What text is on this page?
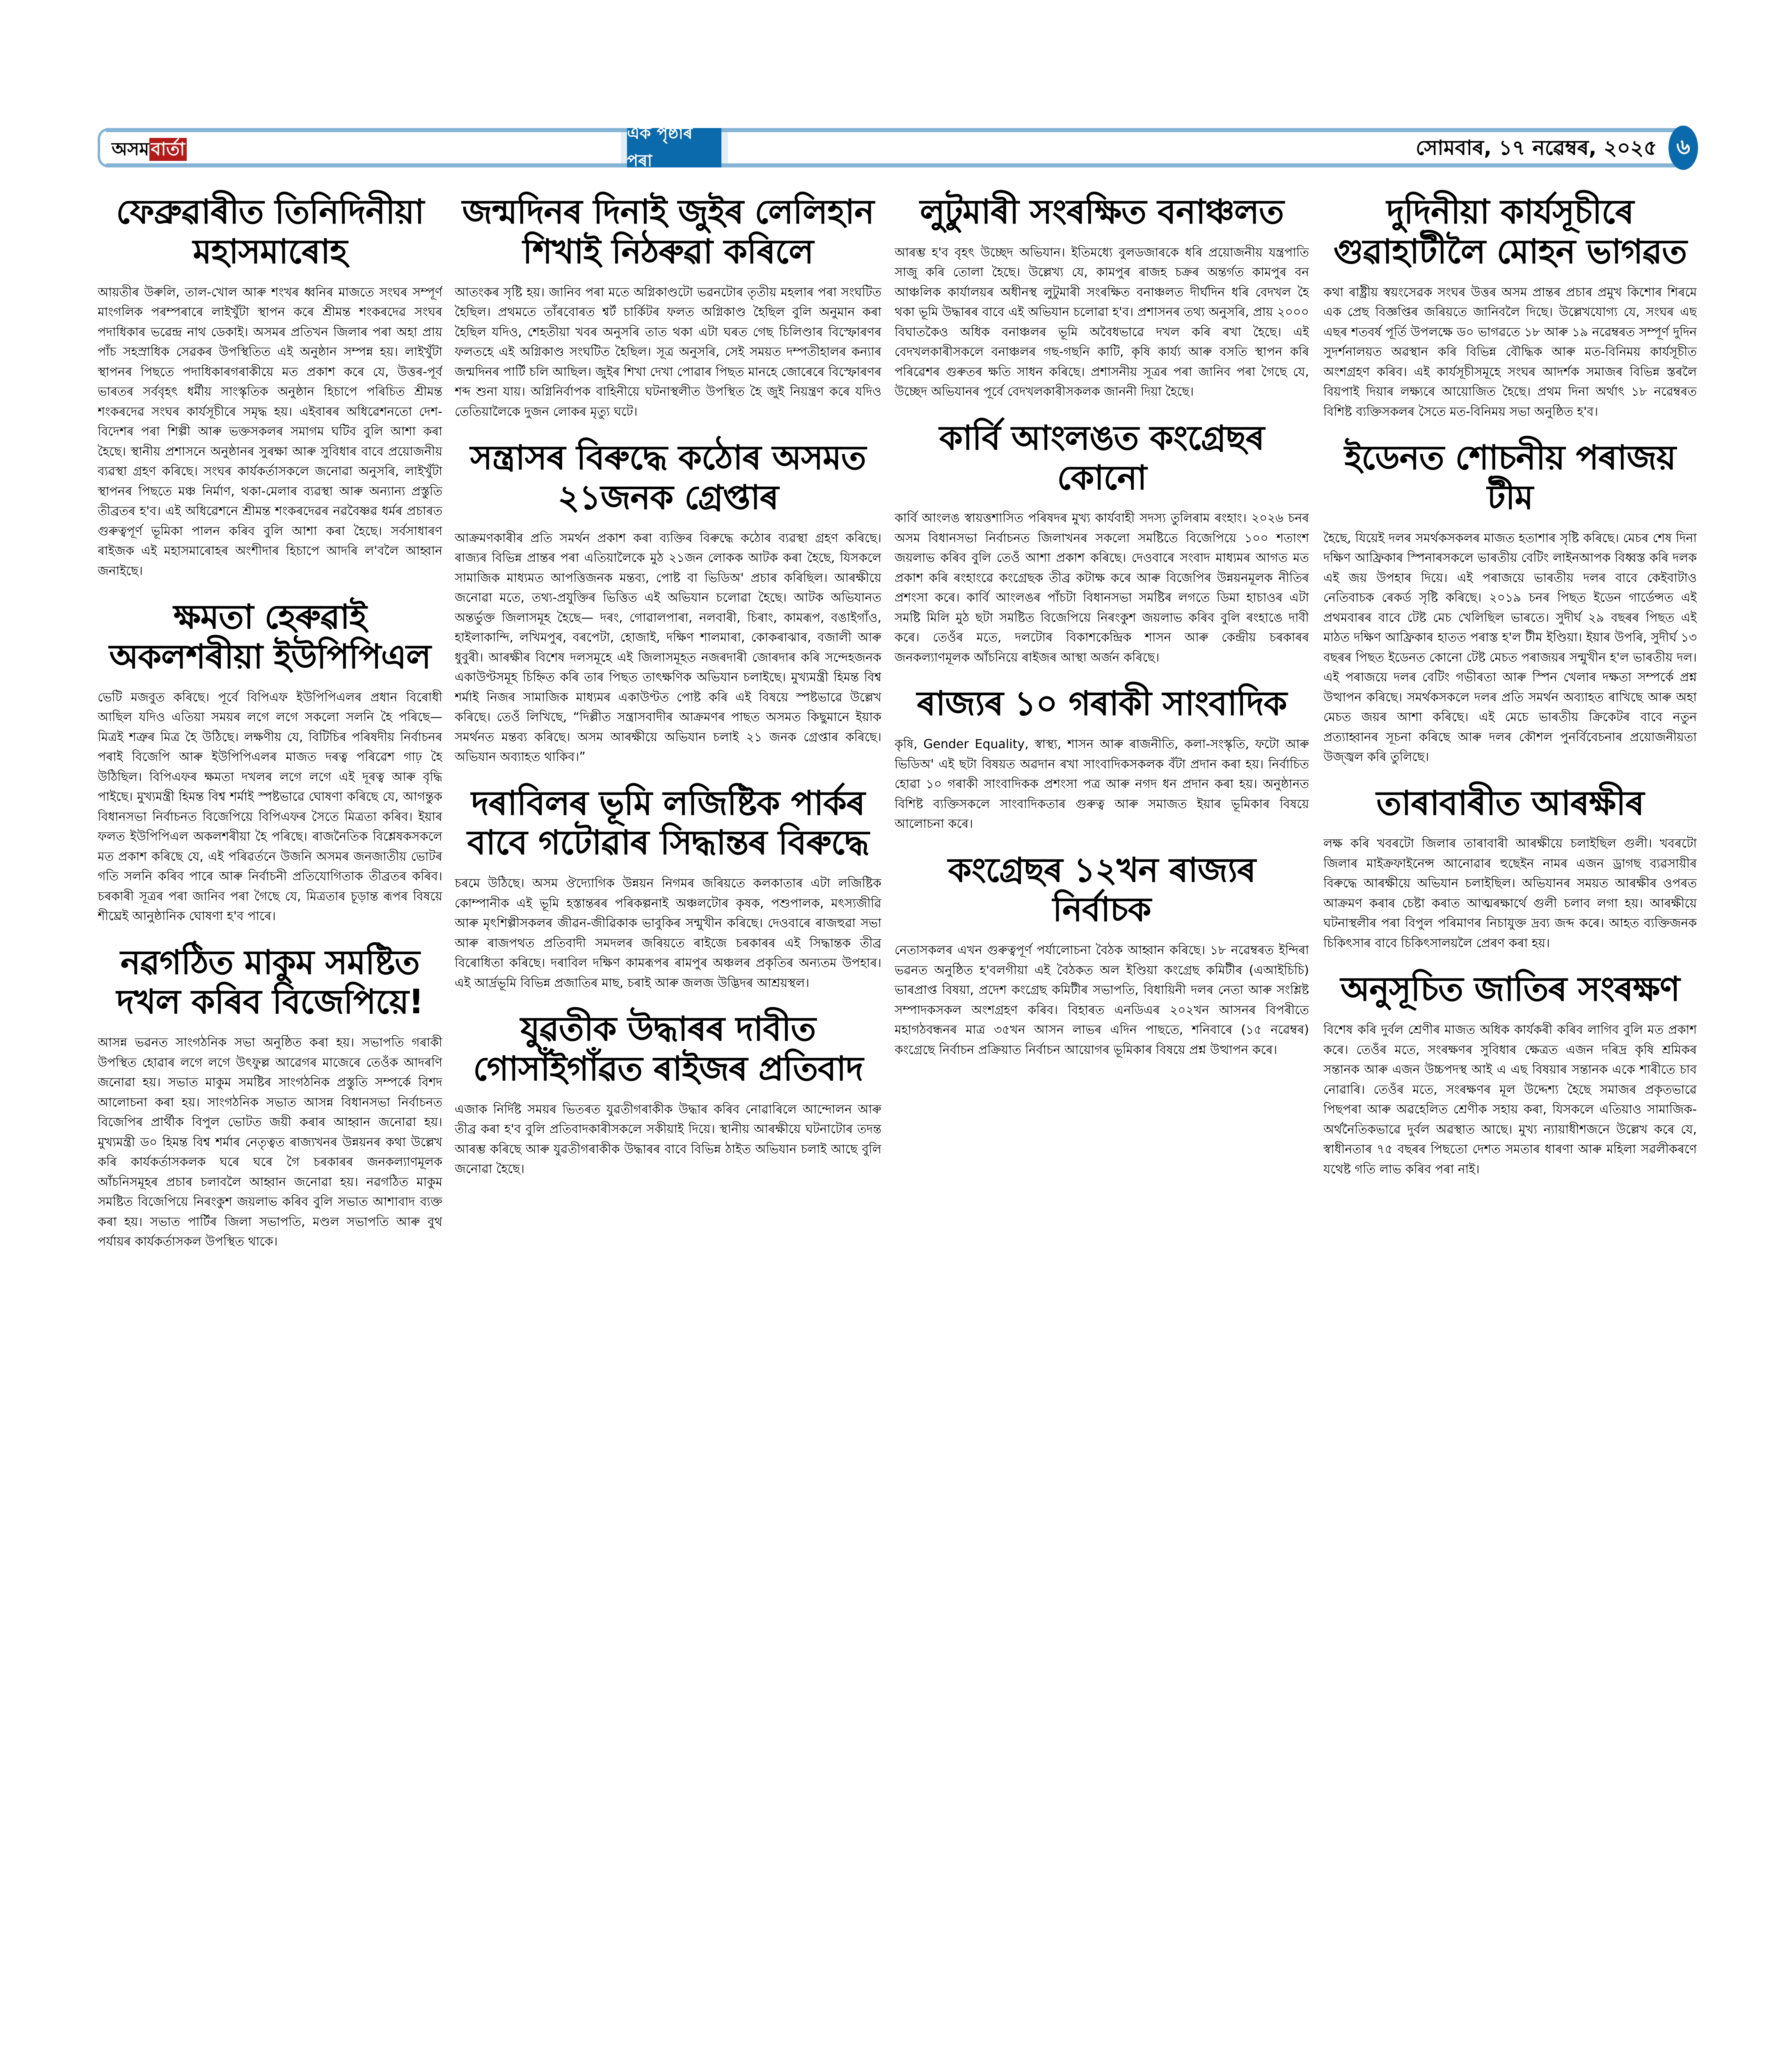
অসম বাৰ্তা
এক পৃষ্ঠাৰ পৰা
সোমবাৰ, ১৭ নৱেম্বৰ, ২০২৫ ৬
ফেব্ৰুৱাৰীত তিনিদিনীয়া মহাসমাৰোহ

আয়তীৰ উৰুলি, তাল-খোল আৰু শংখৰ ধ্বনিৰ মাজতে সংঘৰ সম্পূৰ্ণ মাংগলিক পৰম্পৰাৰে লাইখুঁটা স্থাপন কৰে শ্ৰীমন্ত শংকৰদেৱ সংঘৰ পদাধিকাৰ ভৱেন্দ্ৰ নাথ ডেকাই। অসমৰ প্ৰতিখন জিলাৰ পৰা অহা প্ৰায় পাঁচ সহস্ৰাধিক সেৱকৰ উপস্থিতিত এই অনুষ্ঠান সম্পন্ন হয়। লাইখুঁটা স্থাপনৰ পিছতে পদাধিকাৰগৰাকীয়ে মত প্ৰকাশ কৰে যে, উত্তৰ-পূৰ্ব ভাৰতৰ সৰ্ববৃহৎ ধৰ্মীয় সাংস্কৃতিক অনুষ্ঠান হিচাপে পৰিচিত শ্ৰীমন্ত শংকৰদেৱ সংঘৰ কাৰ্যসূচীৰে সমৃদ্ধ হয়। এইবাৰৰ অধিৱেশনতো দেশ-বিদেশৰ পৰা শিল্পী আৰু ভক্তসকলৰ সমাগম ঘটিব বুলি আশা কৰা হৈছে। স্থানীয় প্ৰশাসনে অনুষ্ঠানৰ সুৰক্ষা আৰু সুবিধাৰ বাবে প্ৰয়োজনীয় ব্যৱস্থা গ্ৰহণ কৰিছে। সংঘৰ কাৰ্যকৰ্তাসকলে জনোৱা অনুসৰি, লাইখুঁটা স্থাপনৰ পিছতে মঞ্চ নিৰ্মাণ, থকা-মেলাৰ ব্যৱস্থা আৰু অন্যান্য প্ৰস্তুতি তীব্ৰতৰ হ'ব। এই অধিৱেশনে শ্ৰীমন্ত শংকৰদেৱৰ নৱবৈষ্ণৱ ধৰ্মৰ প্ৰচাৰত গুৰুত্বপূৰ্ণ ভূমিকা পালন কৰিব বুলি আশা কৰা হৈছে। সৰ্বসাধাৰণ ৰাইজক এই মহাসমাৰোহৰ অংশীদাৰ হিচাপে আদৰি ল'বলৈ আহ্বান জনাইছে।

ক্ষমতা হেৰুৱাই অকলশৰীয়া ইউপিপিএল

ভেটি মজবুত কৰিছে। পূৰ্বে বিপিএফ ইউপিপিএলৰ প্ৰধান বিৰোধী আছিল যদিও এতিয়া সময়ৰ লগে লগে সকলো সলনি হৈ পৰিছে— মিত্ৰই শত্ৰুৰ মিত্ৰ হৈ উঠিছে। লক্ষণীয় যে, বিটিচিৰ পৰিষদীয় নিৰ্বাচনৰ পৰাই বিজেপি আৰু ইউপিপিএলৰ মাজত দৰত্ব পৰিৱেশ গাঢ় হৈ উঠিছিল। বিপিএফৰ ক্ষমতা দখলৰ লগে লগে এই দূৰত্ব আৰু বৃদ্ধি পাইছে। মুখ্যমন্ত্ৰী হিমন্ত বিশ্ব শৰ্মাই স্পষ্টভাৱে ঘোষণা কৰিছে যে, আগন্তুক বিধানসভা নিৰ্বাচনত বিজেপিয়ে বিপিএফৰ সৈতে মিত্ৰতা কৰিব। ইয়াৰ ফলত ইউপিপিএল অকলশৰীয়া হৈ পৰিছে। ৰাজনৈতিক বিশ্লেষকসকলে মত প্ৰকাশ কৰিছে যে, এই পৰিৱৰ্তনে উজনি অসমৰ জনজাতীয় ভোটৰ গতি সলনি কৰিব পাৰে আৰু নিৰ্বাচনী প্ৰতিযোগিতাক তীব্ৰতৰ কৰিব। চৰকাৰী সূত্ৰৰ পৰা জানিব পৰা গৈছে যে, মিত্ৰতাৰ চূড়ান্ত ৰূপৰ বিষয়ে শীঘ্ৰেই আনুষ্ঠানিক ঘোষণা হ'ব পাৰে।

নৱগঠিত মাকুম সমষ্টিত দখল কৰিব বিজেপিয়ে!

আসন্ন ভৱনত সাংগঠনিক সভা অনুষ্ঠিত কৰা হয়। সভাপতি গৰাকী উপস্থিত হোৱাৰ লগে লগে উৎফুল্ল আৱেগৰ মাজেৰে তেওঁক আদৰণি জনোৱা হয়। সভাত মাকুম সমষ্টিৰ সাংগঠনিক প্ৰস্তুতি সম্পৰ্কে বিশদ আলোচনা কৰা হয়। সাংগঠনিক সভাত আসন্ন বিধানসভা নিৰ্বাচনত বিজেপিৰ প্ৰাৰ্থীক বিপুল ভোটত জয়ী কৰাৰ আহ্বান জনোৱা হয়। মুখ্যমন্ত্ৰী ড০ হিমন্ত বিশ্ব শৰ্মাৰ নেতৃত্বত ৰাজ্যখনৰ উন্নয়নৰ কথা উল্লেখ কৰি কাৰ্যকৰ্তাসকলক ঘৰে ঘৰে গৈ চৰকাৰৰ জনকল্যাণমূলক আঁচনিসমূহৰ প্ৰচাৰ চলাবলৈ আহ্বান জনোৱা হয়। নৱগঠিত মাকুম সমষ্টিত বিজেপিয়ে নিৰংকুশ জয়লাভ কৰিব বুলি সভাত আশাবাদ ব্যক্ত কৰা হয়। সভাত পাৰ্টিৰ জিলা সভাপতি, মণ্ডল সভাপতি আৰু বুথ পৰ্যায়ৰ কাৰ্যকৰ্তাসকল উপস্থিত থাকে।

জন্মদিনৰ দিনাই জুইৰ লেলিহান শিখাই নিঠৰুৱা কৰিলে

আতংকৰ সৃষ্টি হয়। জানিব পৰা মতে অগ্নিকাণ্ডটো ভৱনটোৰ তৃতীয় মহলাৰ পৰা সংঘটিত হৈছিল। প্ৰথমতে তাঁৰবোৰত শ্বৰ্ট চাৰ্কিটৰ ফলত অগ্নিকাণ্ড হৈছিল বুলি অনুমান কৰা হৈছিল যদিও, শেহতীয়া খবৰ অনুসৰি তাত থকা এটা ঘৰত গেছ চিলিণ্ডাৰ বিস্ফোৰণৰ ফলতহে এই অগ্নিকাণ্ড সংঘটিত হৈছিল। সূত্ৰ অনুসৰি, সেই সময়ত দম্পতীহালৰ কন্যাৰ জন্মদিনৰ পাৰ্টি চলি আছিল। জুইৰ শিখা দেখা পোৱাৰ পিছত মানহে জোৰেৰে বিস্ফোৰণৰ শব্দ শুনা যায়। অগ্নিনিৰ্বাপক বাহিনীয়ে ঘটনাস্থলীত উপস্থিত হৈ জুই নিয়ন্ত্ৰণ কৰে যদিও তেতিয়ালৈকে দুজন লোকৰ মৃত্যু ঘটে।

সন্ত্ৰাসৰ বিৰুদ্ধে কঠোৰ অসমত ২১জনক গ্ৰেপ্তাৰ

আক্ৰমণকাৰীৰ প্ৰতি সমৰ্থন প্ৰকাশ কৰা ব্যক্তিৰ বিৰুদ্ধে কঠোৰ ব্যৱস্থা গ্ৰহণ কৰিছে। ৰাজ্যৰ বিভিন্ন প্ৰান্তৰ পৰা এতিয়ালৈকে মুঠ ২১জন লোকক আটক কৰা হৈছে, যিসকলে সামাজিক মাধ্যমত আপত্তিজনক মন্তব্য, পোষ্ট বা ভিডিঅ' প্ৰচাৰ কৰিছিল। আৰক্ষীয়ে জনোৱা মতে, তথ্য-প্ৰযুক্তিৰ ভিত্তিত এই অভিযান চলোৱা হৈছে। আটক অভিযানত অন্তৰ্ভুক্ত জিলাসমূহ হৈছে— দৰং, গোৱালপাৰা, নলবাৰী, চিৰাং, কামৰূপ, বঙাইগাঁও, হাইলাকান্দি, লখিমপুৰ, বৰপেটা, হোজাই, দক্ষিণ শালমাৰা, কোকৰাঝাৰ, বজালী আৰু ধুবুৰী। আৰক্ষীৰ বিশেষ দলসমূহে এই জিলাসমূহত নজৰদাৰী জোৰদাৰ কৰি সন্দেহজনক একাউণ্টসমূহ চিহ্নিত কৰি তাৰ পিছত তাৎক্ষণিক অভিযান চলাইছে। মুখ্যমন্ত্ৰী হিমন্ত বিশ্ব শৰ্মাই নিজৰ সামাজিক মাধ্যমৰ একাউণ্টত পোষ্ট কৰি এই বিষয়ে স্পষ্টভাৱে উল্লেখ কৰিছে। তেওঁ লিখিছে, “দিল্লীত সন্ত্ৰাসবাদীৰ আক্ৰমণৰ পাছত অসমত কিছুমানে ইয়াক সমৰ্থনত মন্তব্য কৰিছে। অসম আৰক্ষীয়ে অভিযান চলাই ২১ জনক গ্ৰেপ্তাৰ কৰিছে। অভিযান অব্যাহত থাকিব।”

দৰাবিলৰ ভূমি লজিষ্টিক পাৰ্কৰ বাবে গটোৱাৰ সিদ্ধান্তৰ বিৰুদ্ধে

চৰমে উঠিছে। অসম ঔদ্যোগিক উন্নয়ন নিগমৰ জৰিয়তে কলকাতাৰ এটা লজিষ্টিক কোম্পানীক এই ভূমি হস্তান্তৰৰ পৰিকল্পনাই অঞ্চলটোৰ কৃষক, পশুপালক, মৎস্যজীৱি আৰু মৃৎশিল্পীসকলৰ জীৱন-জীৱিকাক ভাবুকিৰ সন্মুখীন কৰিছে। দেওবাৰে ৰাজহুৱা সভা আৰু ৰাজপথত প্ৰতিবাদী সমদলৰ জৰিয়তে ৰাইজে চৰকাৰৰ এই সিদ্ধান্তক তীব্ৰ বিৰোধিতা কৰিছে। দৰাবিল দক্ষিণ কামৰূপৰ ৰামপুৰ অঞ্চলৰ প্ৰকৃতিৰ অন্যতম উপহাৰ। এই আৰ্দ্ৰভূমি বিভিন্ন প্ৰজাতিৰ মাছ, চৰাই আৰু জলজ উদ্ভিদৰ আশ্ৰয়স্থল।

যুৱতীক উদ্ধাৰৰ দাবীত গোসাঁইগাঁৱত ৰাইজৰ প্ৰতিবাদ

এজাক নিৰ্দিষ্ট সময়ৰ ভিতৰত যুৱতীগৰাকীক উদ্ধাৰ কৰিব নোৱাৰিলে আন্দোলন আৰু তীব্ৰ কৰা হ'ব বুলি প্ৰতিবাদকাৰীসকলে সকীয়াই দিয়ে। স্থানীয় আৰক্ষীয়ে ঘটনাটোৰ তদন্ত আৰম্ভ কৰিছে আৰু যুৱতীগৰাকীক উদ্ধাৰৰ বাবে বিভিন্ন ঠাইত অভিযান চলাই আছে বুলি জনোৱা হৈছে।

লুটুমাৰী সংৰক্ষিত বনাঞ্চলত

আৰম্ভ হ'ব বৃহৎ উচ্ছেদ অভিযান। ইতিমধ্যে বুলডজাৰকে ধৰি প্ৰয়োজনীয় যন্ত্ৰপাতি সাজু কৰি তোলা হৈছে। উল্লেখ্য যে, কামপুৰ ৰাজহ চক্ৰৰ অন্তৰ্গত কামপুৰ বন আঞ্চলিক কাৰ্যালয়ৰ অধীনস্থ লুটুমাৰী সংৰক্ষিত বনাঞ্চলত দীৰ্ঘদিন ধৰি বেদখল হৈ থকা ভূমি উদ্ধাৰৰ বাবে এই অভিযান চলোৱা হ'ব। প্ৰশাসনৰ তথ্য অনুসৰি, প্ৰায় ২০০০ বিঘাতকৈও অধিক বনাঞ্চলৰ ভূমি অবৈধভাৱে দখল কৰি ৰখা হৈছে। এই বেদখলকাৰীসকলে বনাঞ্চলৰ গছ-গছনি কাটি, কৃষি কাৰ্য্য আৰু বসতি স্থাপন কৰি পৰিৱেশৰ গুৰুতৰ ক্ষতি সাধন কৰিছে। প্ৰশাসনীয় সূত্ৰৰ পৰা জানিব পৰা গৈছে যে, উচ্ছেদ অভিযানৰ পূৰ্বে বেদখলকাৰীসকলক জাননী দিয়া হৈছে।

কাৰ্বি আংলঙত কংগ্ৰেছৰ কোনো

কাৰ্বি আংলঙ স্বায়ত্তশাসিত পৰিষদৰ মুখ্য কাৰ্যবাহী সদস্য তুলিৰাম ৰংহাং। ২০২৬ চনৰ অসম বিধানসভা নিৰ্বাচনত জিলাখনৰ সকলো সমষ্টিতে বিজেপিয়ে ১০০ শতাংশ জয়লাভ কৰিব বুলি তেওঁ আশা প্ৰকাশ কৰিছে। দেওবাৰে সংবাদ মাধ্যমৰ আগত মত প্ৰকাশ কৰি ৰংহাংৱে কংগ্ৰেছক তীব্ৰ কটাক্ষ কৰে আৰু বিজেপিৰ উন্নয়নমূলক নীতিৰ প্ৰশংসা কৰে। কাৰ্বি আংলঙৰ পাঁচটা বিধানসভা সমষ্টিৰ লগতে ডিমা হাচাওৰ এটা সমষ্টি মিলি মুঠ ছটা সমষ্টিত বিজেপিয়ে নিৰংকুশ জয়লাভ কৰিব বুলি ৰংহাঙে দাবী কৰে। তেওঁৰ মতে, দলটোৰ বিকাশকেন্দ্ৰিক শাসন আৰু কেন্দ্ৰীয় চৰকাৰৰ জনকল্যাণমূলক আঁচনিয়ে ৰাইজৰ আস্থা অৰ্জন কৰিছে।

ৰাজ্যৰ ১০ গৰাকী সাংবাদিক

কৃষি, Gender Equality, স্বাস্থ্য, শাসন আৰু ৰাজনীতি, কলা-সংস্কৃতি, ফটো আৰু ভিডিঅ' এই ছটা বিষয়ত অৱদান ৰখা সাংবাদিকসকলক বঁটা প্ৰদান কৰা হয়। নিৰ্বাচিত হোৱা ১০ গৰাকী সাংবাদিকক প্ৰশংসা পত্ৰ আৰু নগদ ধন প্ৰদান কৰা হয়। অনুষ্ঠানত বিশিষ্ট ব্যক্তিসকলে সাংবাদিকতাৰ গুৰুত্ব আৰু সমাজত ইয়াৰ ভূমিকাৰ বিষয়ে আলোচনা কৰে।

কংগ্ৰেছৰ ১২খন ৰাজ্যৰ নিৰ্বাচক

নেতাসকলৰ এখন গুৰুত্বপূৰ্ণ পৰ্যালোচনা বৈঠক আহ্বান কৰিছে। ১৮ নৱেম্বৰত ইন্দিৰা ভৱনত অনুষ্ঠিত হ'বলগীয়া এই বৈঠকত অল ইণ্ডিয়া কংগ্ৰেছ কমিটীৰ (এআইচিচি) ভাৰপ্ৰাপ্ত বিষয়া, প্ৰদেশ কংগ্ৰেছ কমিটীৰ সভাপতি, বিধায়িনী দলৰ নেতা আৰু সংশ্লিষ্ট সম্পাদকসকল অংশগ্ৰহণ কৰিব। বিহাৰত এনডিএৰ ২০২খন আসনৰ বিপৰীতে মহাগঠবন্ধনৰ মাত্ৰ ৩৫খন আসন লাভৰ এদিন পাছতে, শনিবাৰে (১৫ নৱেম্বৰ) কংগ্ৰেছে নিৰ্বাচন প্ৰক্ৰিয়াত নিৰ্বাচন আয়োগৰ ভূমিকাৰ বিষয়ে প্ৰশ্ন উত্থাপন কৰে।

দুদিনীয়া কাৰ্যসূচীৰে গুৱাহাটীলৈ মোহন ভাগৱত

কথা ৰাষ্ট্ৰীয় স্বয়ংসেৱক সংঘৰ উত্তৰ অসম প্ৰান্তৰ প্ৰচাৰ প্ৰমুখ কিশোৰ শিৰমে এক প্ৰেছ বিজ্ঞপ্তিৰ জৰিয়তে জানিবলৈ দিছে। উল্লেখযোগ্য যে, সংঘৰ এছ এছৰ শতবৰ্ষ পূৰ্তি উপলক্ষে ড০ ভাগৱতে ১৮ আৰু ১৯ নৱেম্বৰত সম্পূৰ্ণ দুদিন সুদৰ্শনালয়ত অৱস্থান কৰি বিভিন্ন বৌদ্ধিক আৰু মত-বিনিময় কাৰ্যসূচীত অংশগ্ৰহণ কৰিব। এই কাৰ্যসূচীসমূহে সংঘৰ আদৰ্শক সমাজৰ বিভিন্ন স্তৰলৈ বিয়পাই দিয়াৰ লক্ষ্যৰে আয়োজিত হৈছে। প্ৰথম দিনা অৰ্থাৎ ১৮ নৱেম্বৰত বিশিষ্ট ব্যক্তিসকলৰ সৈতে মত-বিনিময় সভা অনুষ্ঠিত হ'ব।

ইডেনত শোচনীয় পৰাজয় টীম

হৈছে, যিয়েই দলৰ সমৰ্থকসকলৰ মাজত হতাশাৰ সৃষ্টি কৰিছে। মেচৰ শেষ দিনা দক্ষিণ আফ্ৰিকাৰ স্পিনাৰসকলে ভাৰতীয় বেটিং লাইনআপক বিধ্বস্ত কৰি দলক এই জয় উপহাৰ দিয়ে। এই পৰাজয়ে ভাৰতীয় দলৰ বাবে কেইবাটাও নেতিবাচক ৰেকৰ্ড সৃষ্টি কৰিছে। ২০১৯ চনৰ পিছত ইডেন গাৰ্ডেন্সত এই প্ৰথমবাৰৰ বাবে টেষ্ট মেচ খেলিছিল ভাৰতে। সুদীৰ্ঘ ২৯ বছৰৰ পিছত এই মাঠত দক্ষিণ আফ্ৰিকাৰ হাতত পৰাস্ত হ'ল টীম ইণ্ডিয়া। ইয়াৰ উপৰি, সুদীৰ্ঘ ১৩ বছৰৰ পিছত ইডেনত কোনো টেষ্ট মেচত পৰাজয়ৰ সন্মুখীন হ'ল ভাৰতীয় দল। এই পৰাজয়ে দলৰ বেটিং গভীৰতা আৰু স্পিন খেলাৰ দক্ষতা সম্পৰ্কে প্ৰশ্ন উত্থাপন কৰিছে। সমৰ্থকসকলে দলৰ প্ৰতি সমৰ্থন অব্যাহত ৰাখিছে আৰু অহা মেচত জয়ৰ আশা কৰিছে। এই মেচে ভাৰতীয় ক্ৰিকেটৰ বাবে নতুন প্ৰত্যাহ্বানৰ সূচনা কৰিছে আৰু দলৰ কৌশল পুনৰ্বিবেচনাৰ প্ৰয়োজনীয়তা উজ্জ্বল কৰি তুলিছে।

তাৰাবাৰীত আৰক্ষীৰ

লক্ষ কৰি খবৰটো জিলাৰ তাৰাবাৰী আৰক্ষীয়ে চলাইছিল গুলী। খবৰটো জিলাৰ মাইক্ৰফাইনেন্স আনোৱাৰ হুছেইন নামৰ এজন ড্ৰাগছ ব্যৱসায়ীৰ বিৰুদ্ধে আৰক্ষীয়ে অভিযান চলাইছিল। অভিযানৰ সময়ত আৰক্ষীৰ ওপৰত আক্ৰমণ কৰাৰ চেষ্টা কৰাত আত্মৰক্ষাৰ্থে গুলী চলাব লগা হয়। আৰক্ষীয়ে ঘটনাস্থলীৰ পৰা বিপুল পৰিমাণৰ নিচাযুক্ত দ্ৰব্য জব্দ কৰে। আহত ব্যক্তিজনক চিকিৎসাৰ বাবে চিকিৎসালয়লৈ প্ৰেৰণ কৰা হয়।

অনুসূচিত জাতিৰ সংৰক্ষণ

বিশেষ কৰি দুৰ্বল শ্ৰেণীৰ মাজত অধিক কাৰ্যকৰী কৰিব লাগিব বুলি মত প্ৰকাশ কৰে। তেওঁৰ মতে, সংৰক্ষণৰ সুবিধাৰ ক্ষেত্ৰত এজন দৰিদ্ৰ কৃষি শ্ৰমিকৰ সন্তানক আৰু এজন উচ্চপদস্থ আই এ এছ বিষয়াৰ সন্তানক একে শাৰীতে চাব নোৱাৰি। তেওঁৰ মতে, সংৰক্ষণৰ মূল উদ্দেশ্য হৈছে সমাজৰ প্ৰকৃতভাৱে পিছপৰা আৰু অৱহেলিত শ্ৰেণীক সহায় কৰা, যিসকলে এতিয়াও সামাজিক-অৰ্থনৈতিকভাৱে দুৰ্বল অৱস্থাত আছে। মুখ্য ন্যায়াধীশজনে উল্লেখ কৰে যে, স্বাধীনতাৰ ৭৫ বছৰৰ পিছতো দেশত সমতাৰ ধাৰণা আৰু মহিলা সৱলীকৰণে যথেষ্ট গতি লাভ কৰিব পৰা নাই।
